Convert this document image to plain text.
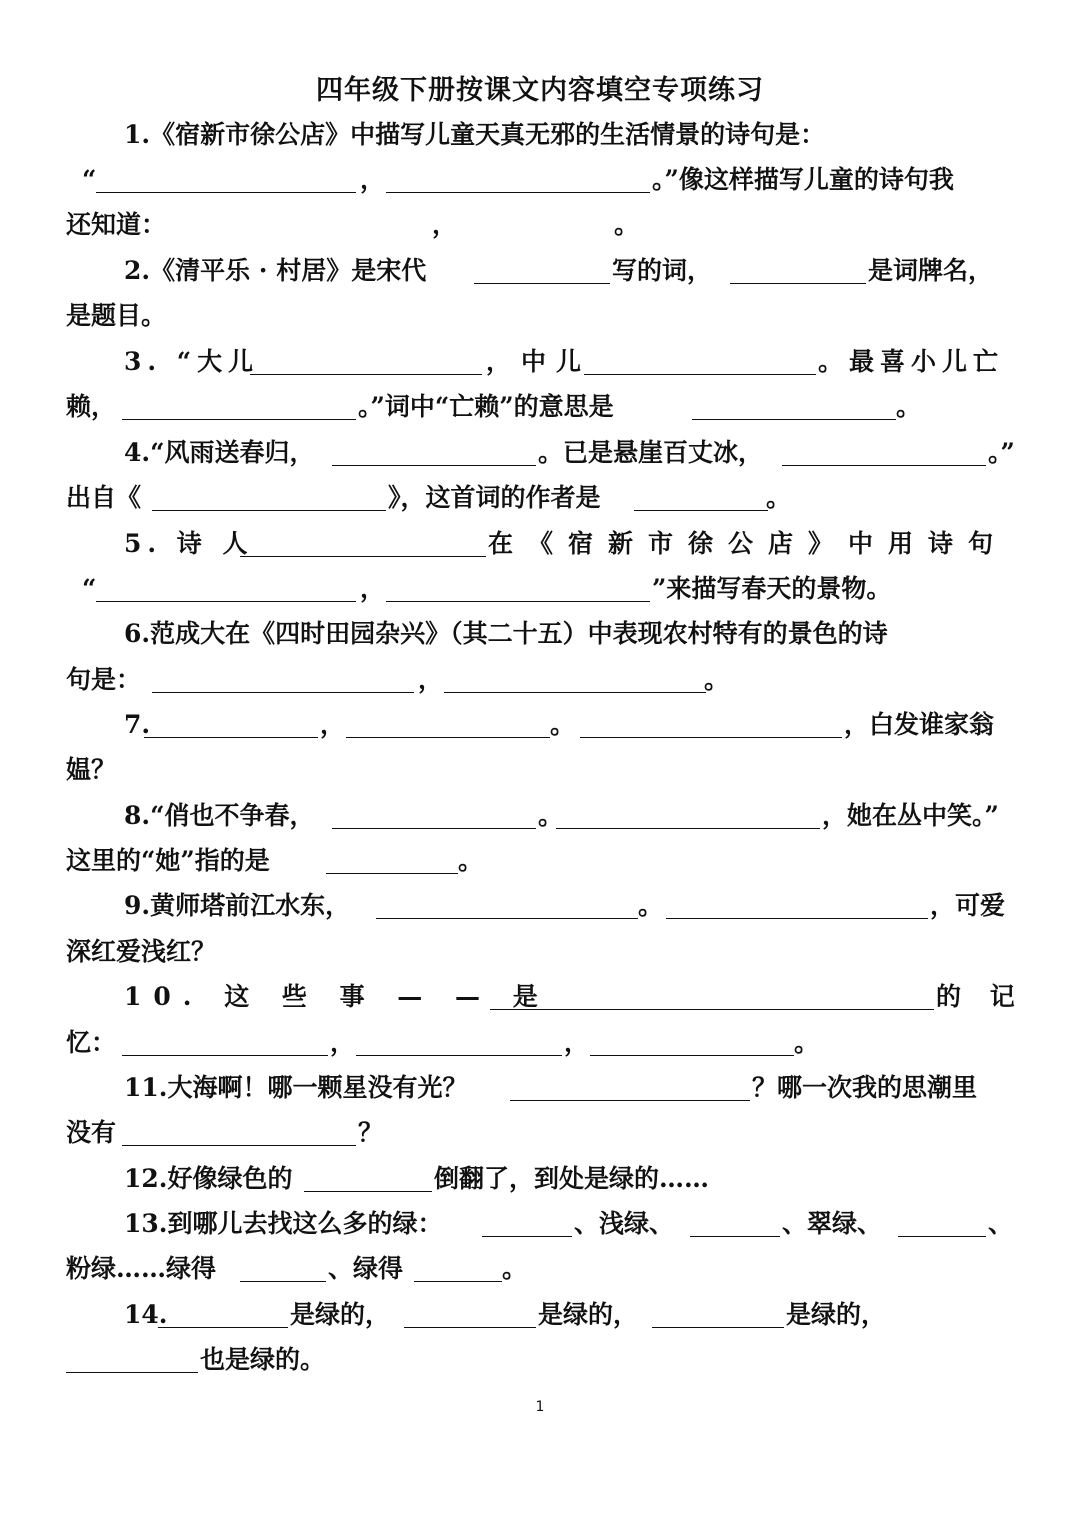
四年级下册按课文内容填空专项练习
1.《宿新市徐公店》中描写儿童天真无邪的生活情景的诗句是：
“	，	。”像这样描写儿童的诗句我
还知道：	，	。
2.《清平乐 · 村居》是宋代	写的词，	是词牌名，
是题目。
3. “大儿	，中儿	。最喜小儿亡
赖，	。”词中“亡赖”的意思是	。
4.“风雨送春归，	。已是悬崖百丈冰，	。”
出自《	》，这首词的作者是	。
5. 诗 人	在《宿新市徐公店》中用诗句
“	，	”来描写春天的景物。
6.范成大在《四时田园杂兴》（其二十五）中表现农村特有的景色的诗
句是：	，	。
7.	，	。	，白发谁家翁
媪？
8.“俏也不争春，	。	，她在丛中笑。”
这里的“她”指的是	。
9.黄师塔前江水东，	。	，可爱
深红爱浅红？
10. 这 些 事 — — 是	的 记
忆：	，	，	。
11.大海啊！哪一颗星没有光？	？哪一次我的思潮里
没有	？
12.好像绿色的	倒翻了，到处是绿的……
13.到哪儿去找这么多的绿：	、浅绿、	、翠绿、	、
粉绿……绿得	、绿得	。
14.	是绿的，	是绿的，	是绿的，
也是绿的。
1
